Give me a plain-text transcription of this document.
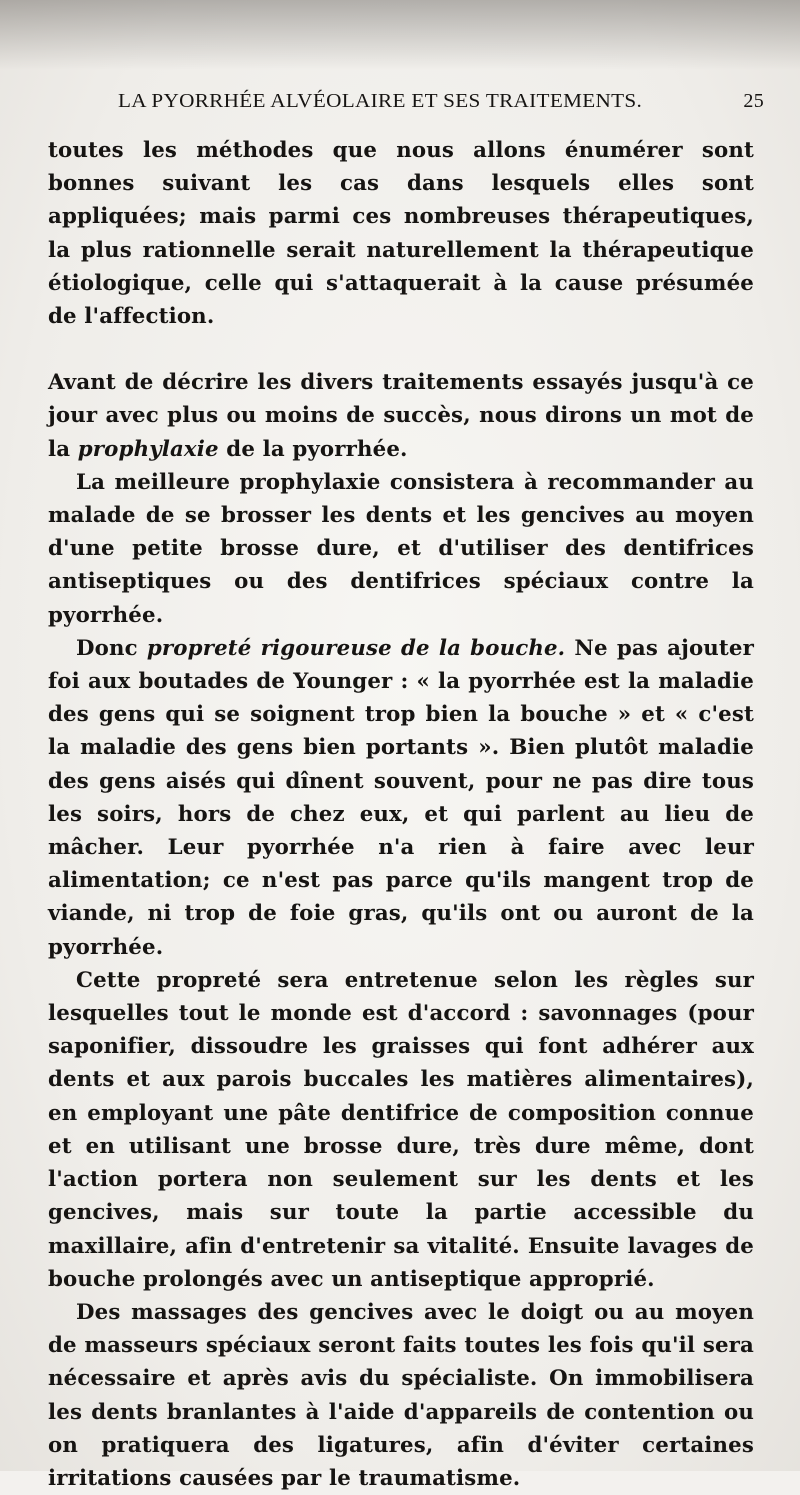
LA PYORRHÉE ALVÉOLAIRE ET SES TRAITEMENTS.	25

toutes les méthodes que nous allons énumérer sont bonnes suivant les cas dans lesquels elles sont appliquées; mais parmi ces nombreuses thérapeutiques, la plus rationnelle serait naturellement la thérapeutique étiologique, celle qui s'attaquerait à la cause présumée de l'affection.

Avant de décrire les divers traitements essayés jusqu'à ce jour avec plus ou moins de succès, nous dirons un mot de la prophylaxie de la pyorrhée.

La meilleure prophylaxie consistera à recommander au malade de se brosser les dents et les gencives au moyen d'une petite brosse dure, et d'utiliser des dentifrices antiseptiques ou des dentifrices spéciaux contre la pyorrhée.

Donc propreté rigoureuse de la bouche. Ne pas ajouter foi aux boutades de Younger : « la pyorrhée est la maladie des gens qui se soignent trop bien la bouche » et « c'est la maladie des gens bien portants ». Bien plutôt maladie des gens aisés qui dînent souvent, pour ne pas dire tous les soirs, hors de chez eux, et qui parlent au lieu de mâcher. Leur pyorrhée n'a rien à faire avec leur alimentation; ce n'est pas parce qu'ils mangent trop de viande, ni trop de foie gras, qu'ils ont ou auront de la pyorrhée.

Cette propreté sera entretenue selon les règles sur lesquelles tout le monde est d'accord : savonnages (pour saponifier, dissoudre les graisses qui font adhérer aux dents et aux parois buccales les matières alimentaires), en employant une pâte dentifrice de composition connue et en utilisant une brosse dure, très dure même, dont l'action portera non seulement sur les dents et les gencives, mais sur toute la partie accessible du maxillaire, afin d'entretenir sa vitalité. Ensuite lavages de bouche prolongés avec un antiseptique approprié.

Des massages des gencives avec le doigt ou au moyen de masseurs spéciaux seront faits toutes les fois qu'il sera nécessaire et après avis du spécialiste. On immobilisera les dents branlantes à l'aide d'appareils de contention ou on pratiquera des ligatures, afin d'éviter certaines irritations causées par le traumatisme.
